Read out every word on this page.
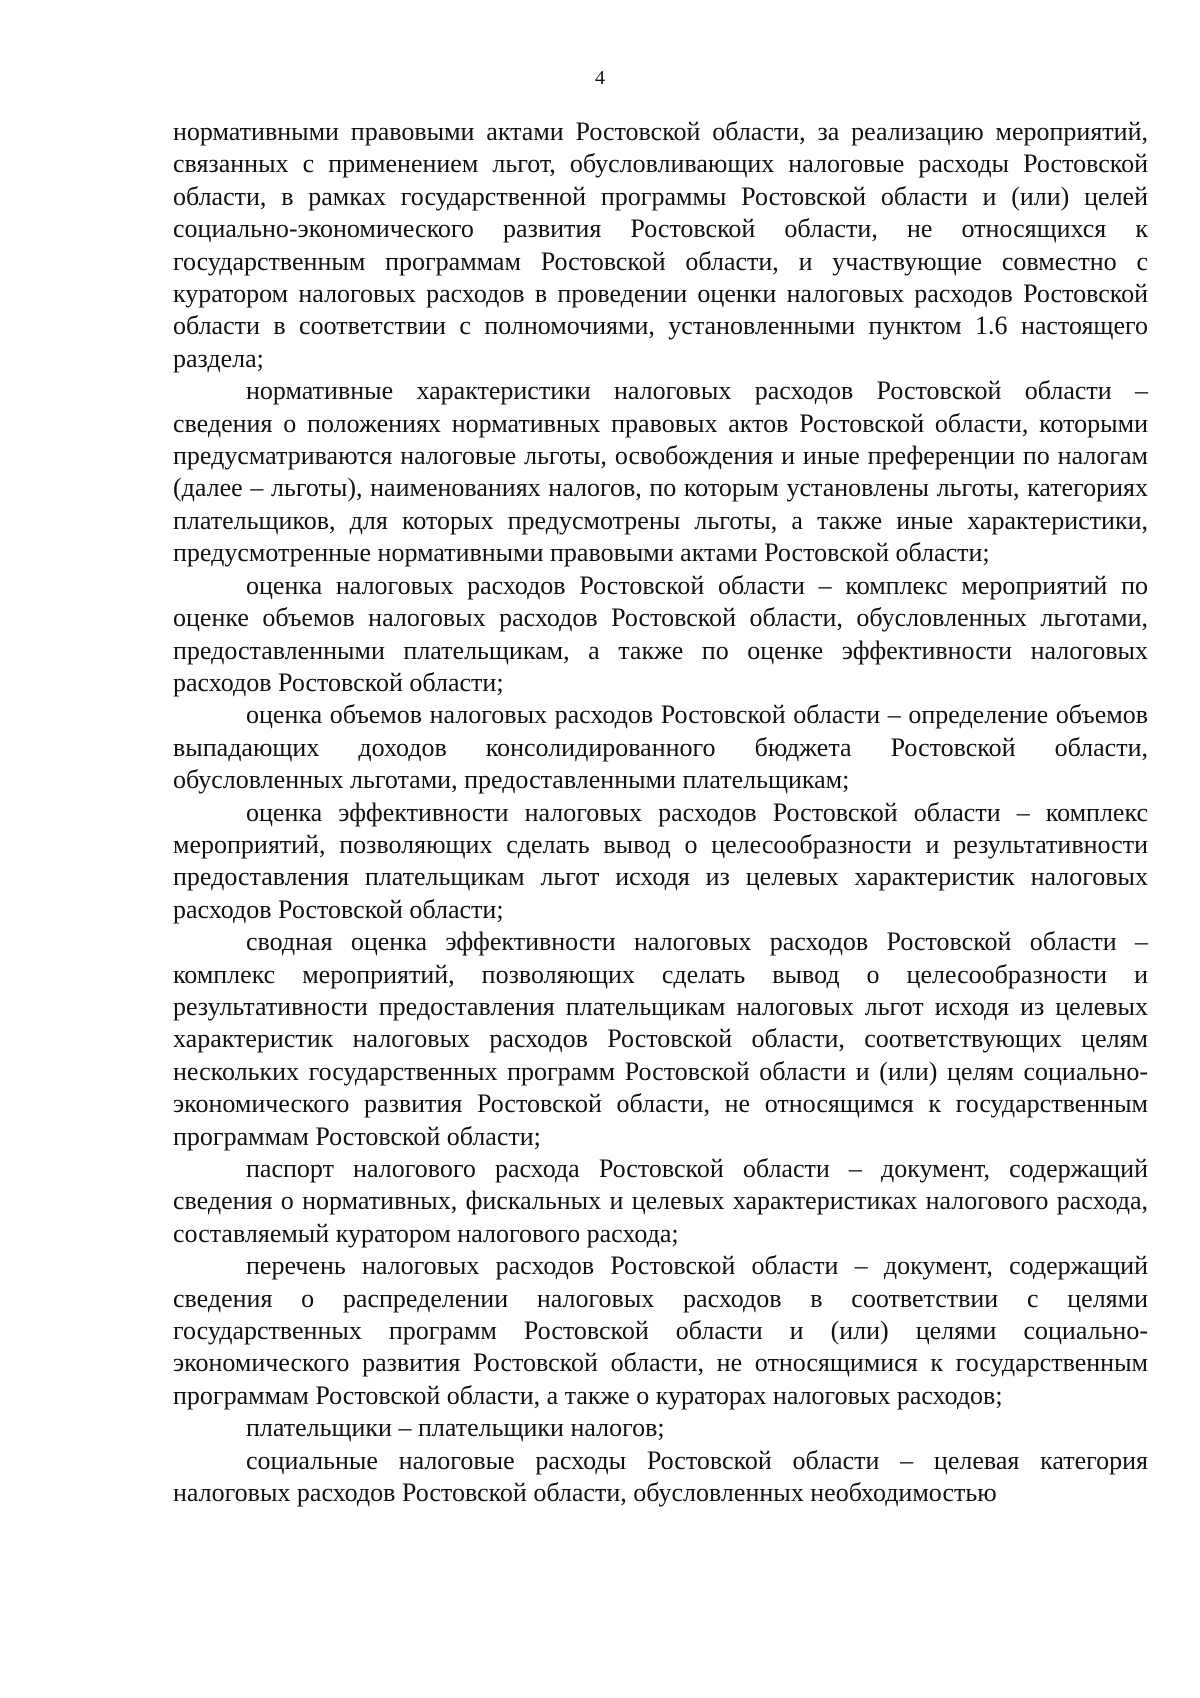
4

нормативными правовыми актами Ростовской области, за реализацию мероприятий, связанных с применением льгот, обусловливающих налоговые расходы Ростовской области, в рамках государственной программы Ростовской области и (или) целей социально-экономического развития Ростовской области, не относящихся к государственным программам Ростовской области, и участвующие совместно с куратором налоговых расходов в проведении оценки налоговых расходов Ростовской области в соответствии с полномочиями, установленными пунктом 1.6 настоящего раздела;

нормативные характеристики налоговых расходов Ростовской области – сведения о положениях нормативных правовых актов Ростовской области, которыми предусматриваются налоговые льготы, освобождения и иные преференции по налогам (далее – льготы), наименованиях налогов, по которым установлены льготы, категориях плательщиков, для которых предусмотрены льготы, а также иные характеристики, предусмотренные нормативными правовыми актами Ростовской области;

оценка налоговых расходов Ростовской области – комплекс мероприятий по оценке объемов налоговых расходов Ростовской области, обусловленных льготами, предоставленными плательщикам, а также по оценке эффективности налоговых расходов Ростовской области;

оценка объемов налоговых расходов Ростовской области – определение объемов выпадающих доходов консолидированного бюджета Ростовской области, обусловленных льготами, предоставленными плательщикам;

оценка эффективности налоговых расходов Ростовской области – комплекс мероприятий, позволяющих сделать вывод о целесообразности и результативности предоставления плательщикам льгот исходя из целевых характеристик налоговых расходов Ростовской области;

сводная оценка эффективности налоговых расходов Ростовской области – комплекс мероприятий, позволяющих сделать вывод о целесообразности и результативности предоставления плательщикам налоговых льгот исходя из целевых характеристик налоговых расходов Ростовской области, соответствующих целям нескольких государственных программ Ростовской области и (или) целям социально-экономического развития Ростовской области, не относящимся к государственным программам Ростовской области;

паспорт налогового расхода Ростовской области – документ, содержащий сведения о нормативных, фискальных и целевых характеристиках налогового расхода, составляемый куратором налогового расхода;

перечень налоговых расходов Ростовской области – документ, содержащий сведения о распределении налоговых расходов в соответствии с целями государственных программ Ростовской области и (или) целями социально-экономического развития Ростовской области, не относящимися к государственным программам Ростовской области, а также о кураторах налоговых расходов;

плательщики – плательщики налогов;

социальные налоговые расходы Ростовской области – целевая категория налоговых расходов Ростовской области, обусловленных необходимостью
